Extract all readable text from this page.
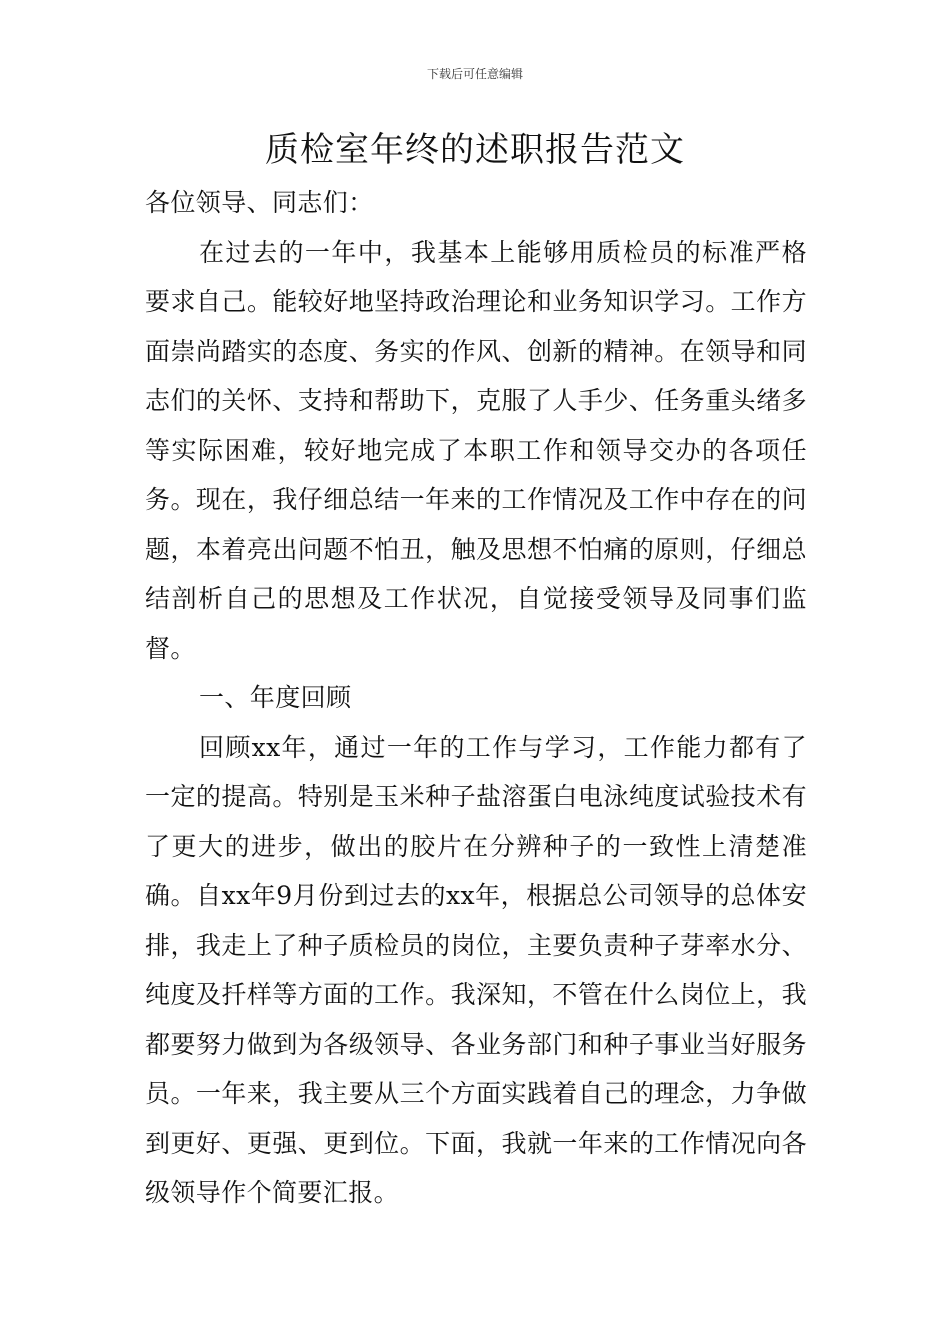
下载后可任意编辑
质检室年终的述职报告范文

各位领导、同志们：

在过去的一年中，我基本上能够用质检员的标准严格要求自己。能较好地坚持政治理论和业务知识学习。工作方面崇尚踏实的态度、务实的作风、创新的精神。在领导和同志们的关怀、支持和帮助下，克服了人手少、任务重头绪多等实际困难，较好地完成了本职工作和领导交办的各项任务。现在，我仔细总结一年来的工作情况及工作中存在的问题，本着亮出问题不怕丑，触及思想不怕痛的原则，仔细总结剖析自己的思想及工作状况，自觉接受领导及同事们监督。

一、年度回顾

回顾xx年，通过一年的工作与学习，工作能力都有了一定的提高。特别是玉米种子盐溶蛋白电泳纯度试验技术有了更大的进步，做出的胶片在分辨种子的一致性上清楚准确。自xx年9月份到过去的xx年，根据总公司领导的总体安排，我走上了种子质检员的岗位，主要负责种子芽率水分、纯度及扦样等方面的工作。我深知，不管在什么岗位上，我都要努力做到为各级领导、各业务部门和种子事业当好服务员。一年来，我主要从三个方面实践着自己的理念，力争做到更好、更强、更到位。下面，我就一年来的工作情况向各级领导作个简要汇报。
